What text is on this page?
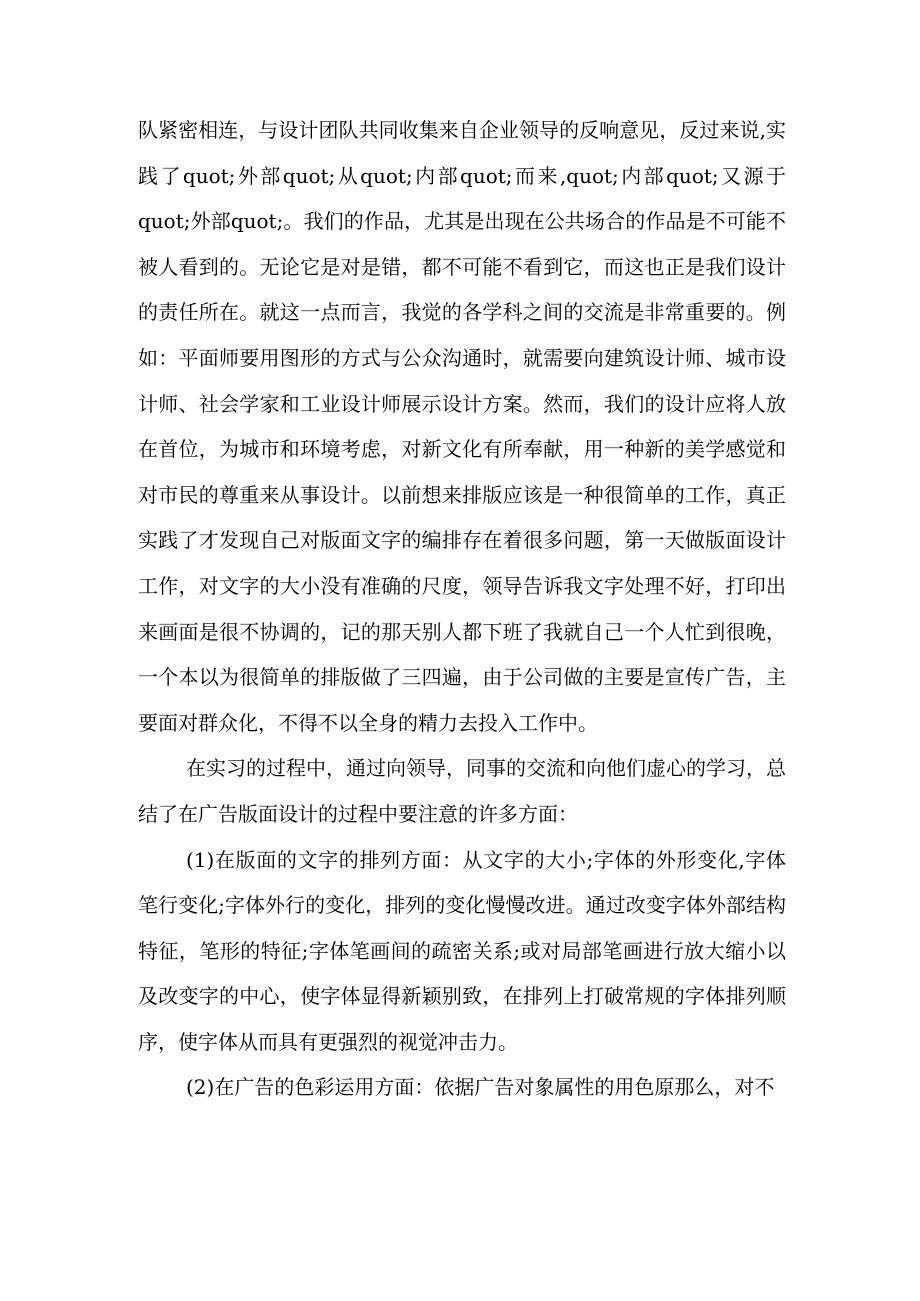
队紧密相连，与设计团队共同收集来自企业领导的反响意见，反过来说,实践了quot;外部quot;从quot;内部quot;而来,quot;内部quot;又源于quot;外部quot;。我们的作品，尤其是出现在公共场合的作品是不可能不被人看到的。无论它是对是错，都不可能不看到它，而这也正是我们设计的责任所在。就这一点而言，我觉的各学科之间的交流是非常重要的。例如：平面师要用图形的方式与公众沟通时，就需要向建筑设计师、城市设计师、社会学家和工业设计师展示设计方案。然而，我们的设计应将人放在首位，为城市和环境考虑，对新文化有所奉献，用一种新的美学感觉和对市民的尊重来从事设计。以前想来排版应该是一种很简单的工作，真正实践了才发现自己对版面文字的编排存在着很多问题，第一天做版面设计工作，对文字的大小没有准确的尺度，领导告诉我文字处理不好，打印出来画面是很不协调的，记的那天别人都下班了我就自己一个人忙到很晚，一个本以为很简单的排版做了三四遍，由于公司做的主要是宣传广告，主要面对群众化，不得不以全身的精力去投入工作中。

在实习的过程中，通过向领导，同事的交流和向他们虚心的学习，总结了在广告版面设计的过程中要注意的许多方面：

(1)在版面的文字的排列方面：从文字的大小;字体的外形变化,字体笔行变化;字体外行的变化，排列的变化慢慢改进。通过改变字体外部结构特征，笔形的特征;字体笔画间的疏密关系;或对局部笔画进行放大缩小以及改变字的中心，使字体显得新颖别致，在排列上打破常规的字体排列顺序，使字体从而具有更强烈的视觉冲击力。

(2)在广告的色彩运用方面：依据广告对象属性的用色原那么，对不
